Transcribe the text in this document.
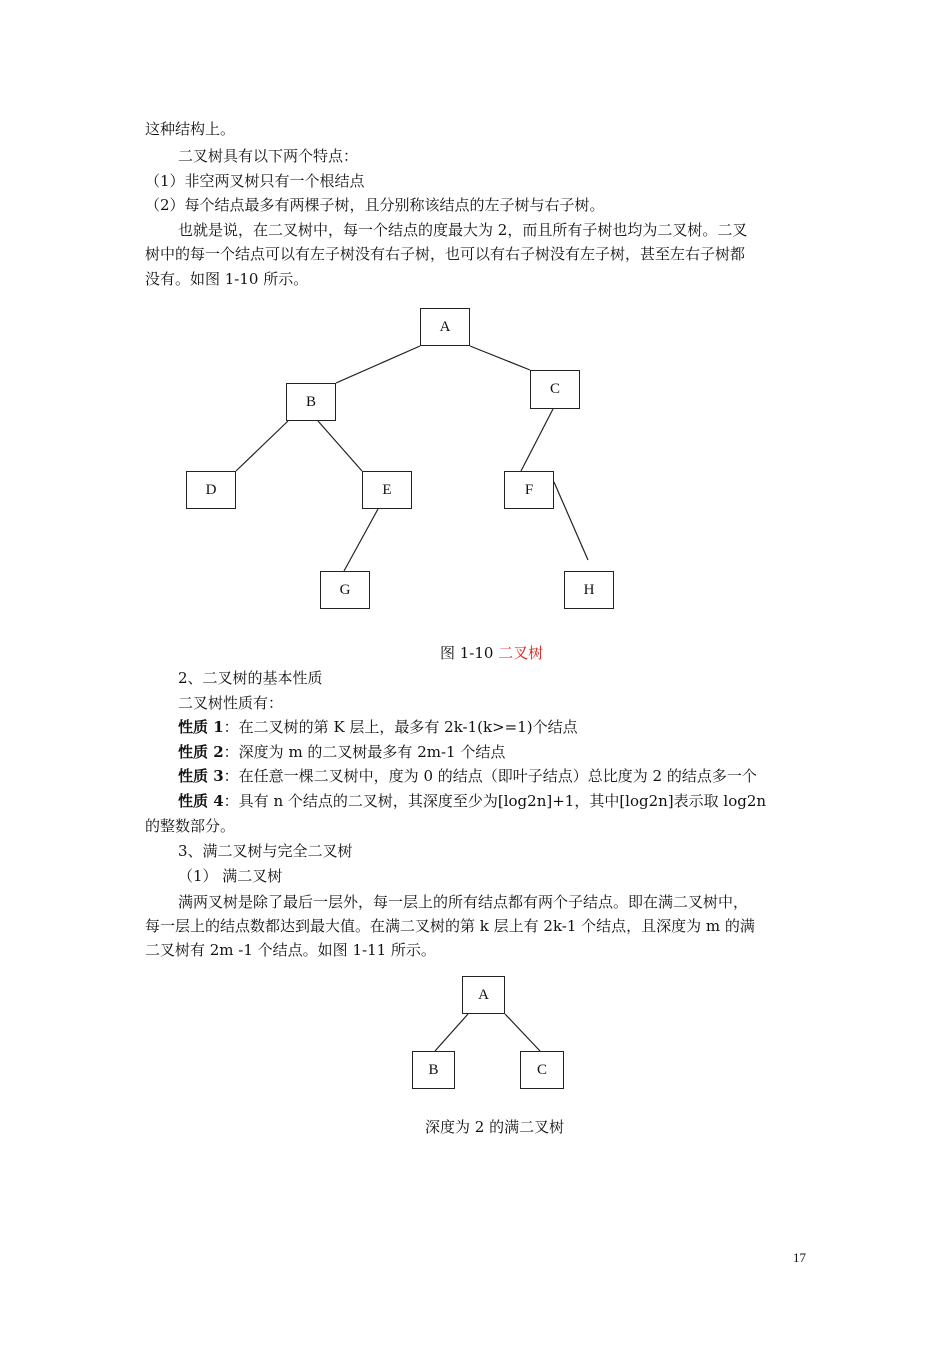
这种结构上。
二叉树具有以下两个特点：
（1）非空两叉树只有一个根结点
（2）每个结点最多有两棵子树，且分别称该结点的左子树与右子树。
也就是说，在二叉树中，每一个结点的度最大为 2，而且所有子树也均为二叉树。二叉
树中的每一个结点可以有左子树没有右子树，也可以有右子树没有左子树，甚至左右子树都
没有。如图 1-10 所示。
A
B
C
D	E	F
G	H
图 1-10 二叉树
2、二叉树的基本性质
二叉树性质有：
性质 1：在二叉树的第 K 层上，最多有 2k-1(k>=1)个结点
性质 2：深度为 m 的二叉树最多有 2m-1 个结点
性质 3：在任意一棵二叉树中，度为 0 的结点（即叶子结点）总比度为 2 的结点多一个
性质 4：具有 n 个结点的二叉树，其深度至少为[log2n]+1，其中[log2n]表示取 log2n
的整数部分。
3、满二叉树与完全二叉树
（1） 满二叉树
满两叉树是除了最后一层外，每一层上的所有结点都有两个子结点。即在满二叉树中，
每一层上的结点数都达到最大值。在满二叉树的第 k 层上有 2k-1 个结点，且深度为 m 的满
二叉树有 2m -1 个结点。如图 1-11 所示。
A
B	C
深度为 2 的满二叉树
17
